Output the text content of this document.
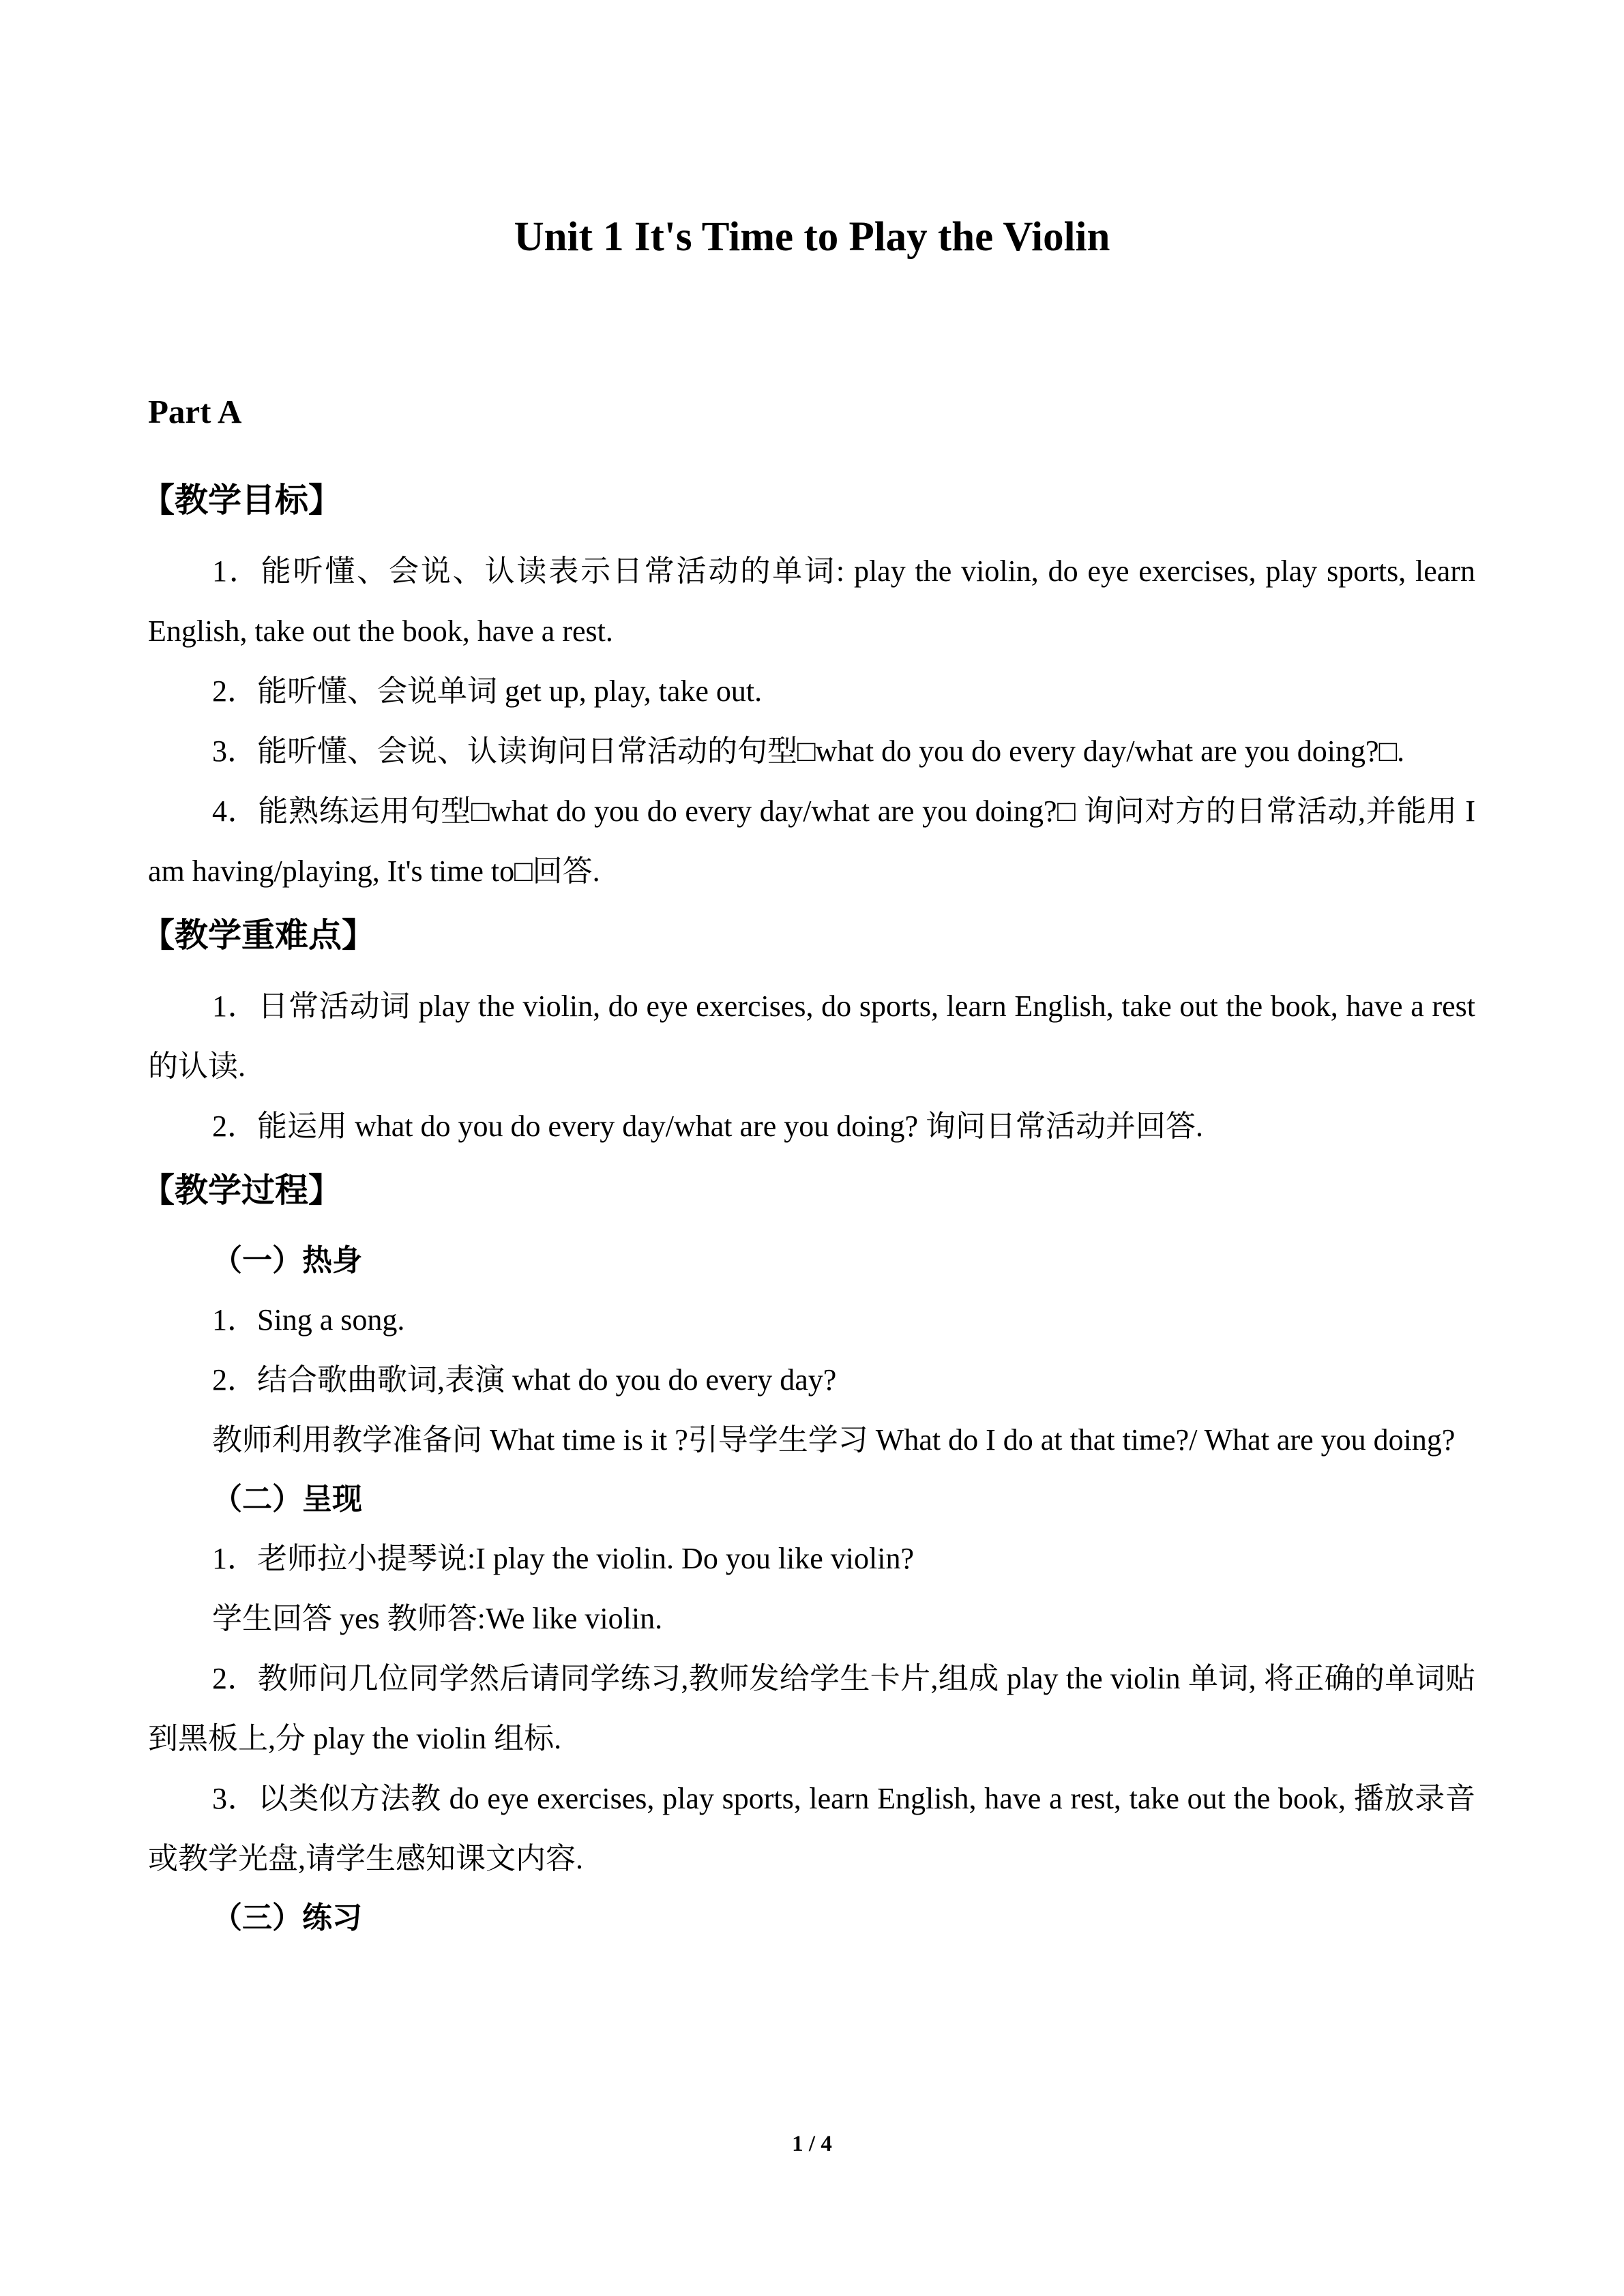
Unit 1 It's Time to Play the Violin
Part A
【教学目标】

1．能听懂、会说、认读表示日常活动的单词: play the violin, do eye exercises, play sports, learn English, take out the book, have a rest.

2．能听懂、会说单词 get up, play, take out.

3．能听懂、会说、认读询问日常活动的句型□what do you do every day/what are you doing?□.

4．能熟练运用句型□what do you do every day/what are you doing?□ 询问对方的日常活动,并能用 I am having/playing, It's time to□回答.

【教学重难点】

1．日常活动词 play the violin, do eye exercises, do sports, learn English, take out the book, have a rest 的认读.

2．能运用 what do you do every day/what are you doing? 询问日常活动并回答.

【教学过程】
（一）热身

1．Sing a song.

2．结合歌曲歌词,表演 what do you do every day?

教师利用教学准备问 What time is it ?引导学生学习 What do I do at that time?/ What are you doing?

（二）呈现

1．老师拉小提琴说:I play the violin. Do you like violin?

学生回答 yes 教师答:We like violin.

2．教师问几位同学然后请同学练习,教师发给学生卡片,组成 play the violin 单词, 将正确的单词贴到黑板上,分 play the violin 组标.

3．以类似方法教 do eye exercises, play sports, learn English, have a rest, take out the book, 播放录音或教学光盘,请学生感知课文内容.

（三）练习
1 / 4
